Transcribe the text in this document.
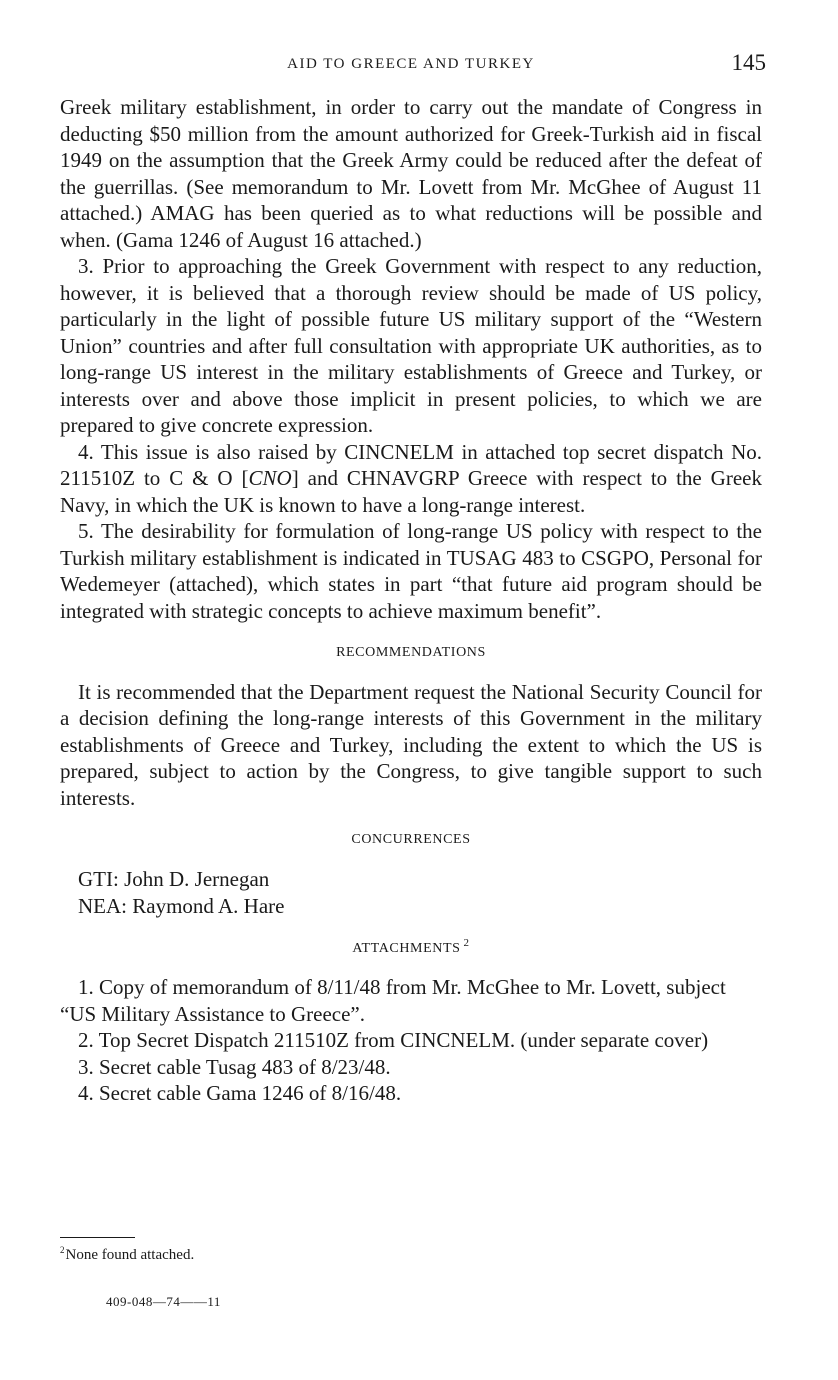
AID TO GREECE AND TURKEY	145

Greek military establishment, in order to carry out the mandate of Congress in deducting $50 million from the amount authorized for Greek-Turkish aid in fiscal 1949 on the assumption that the Greek Army could be reduced after the defeat of the guerrillas. (See memorandum to Mr. Lovett from Mr. McGhee of August 11 attached.) AMAG has been queried as to what reductions will be possible and when. (Gama 1246 of August 16 attached.)

3. Prior to approaching the Greek Government with respect to any reduction, however, it is believed that a thorough review should be made of US policy, particularly in the light of possible future US military support of the “Western Union” countries and after full consultation with appropriate UK authorities, as to long-range US interest in the military establishments of Greece and Turkey, or interests over and above those implicit in present policies, to which we are prepared to give concrete expression.

4. This issue is also raised by CINCNELM in attached top secret dispatch No. 211510Z to C & O [CNO] and CHNAVGRP Greece with respect to the Greek Navy, in which the UK is known to have a long-range interest.

5. The desirability for formulation of long-range US policy with respect to the Turkish military establishment is indicated in TUSAG 483 to CSGPO, Personal for Wedemeyer (attached), which states in part “that future aid program should be integrated with strategic concepts to achieve maximum benefit”.

RECOMMENDATIONS

It is recommended that the Department request the National Security Council for a decision defining the long-range interests of this Government in the military establishments of Greece and Turkey, including the extent to which the US is prepared, subject to action by the Congress, to give tangible support to such interests.

CONCURRENCES

GTI: John D. Jernegan

NEA: Raymond A. Hare

ATTACHMENTS $^2$

1. Copy of memorandum of 8/11/48 from Mr. McGhee to Mr. Lovett, subject “US Military Assistance to Greece”.

2. Top Secret Dispatch 211510Z from CINCNELM. (under separate cover)

3. Secret cable Tusag 483 of 8/23/48.

4. Secret cable Gama 1246 of 8/16/48.

$^2$None found attached.
409-048—74——11
